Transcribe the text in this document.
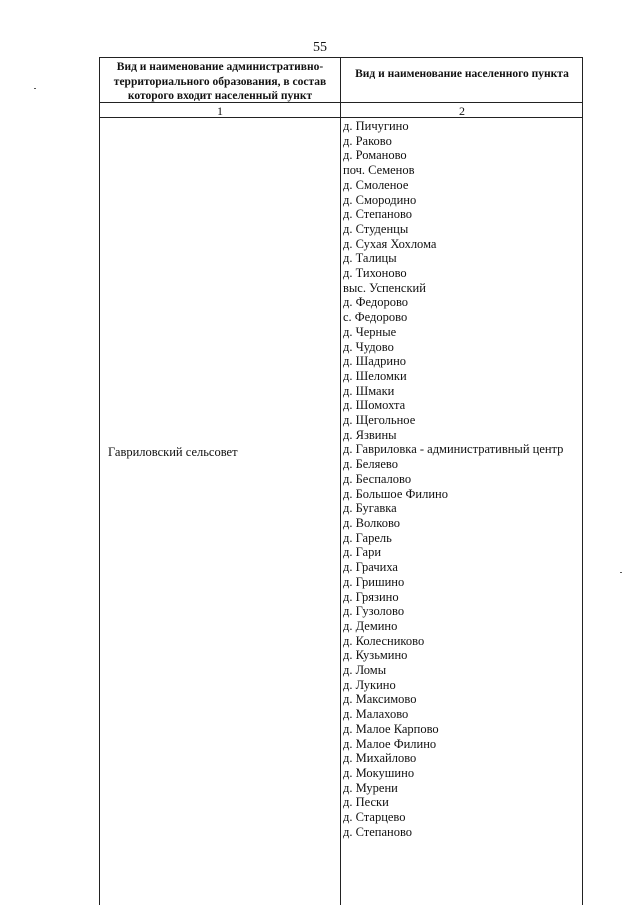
55
Вид и наименование административно-территориального образования, в состав которого входит населенный пункт
Вид и наименование населенного пункта
1	2
Гавриловский сельсовет
д. Пичугино
д. Раково
д. Романово
поч. Семенов
д. Смоленое
д. Смородино
д. Степаново
д. Студенцы
д. Сухая Хохлома
д. Талицы
д. Тихоново
выс. Успенский
д. Федорово
с. Федорово
д. Черные
д. Чудово
д. Шадрино
д. Шеломки
д. Шмаки
д. Шомохта
д. Щегольное
д. Язвины
д. Гавриловка - административный центр
д. Беляево
д. Беспалово
д. Большое Филино
д. Бугавка
д. Волково
д. Гарель
д. Гари
д. Грачиха
д. Гришино
д. Грязино
д. Гузолово
д. Демино
д. Колесниково
д. Кузьмино
д. Ломы
д. Лукино
д. Максимово
д. Малахово
д. Малое Карпово
д. Малое Филино
д. Михайлово
д. Мокушино
д. Мурени
д. Пески
д. Старцево
д. Степаново
